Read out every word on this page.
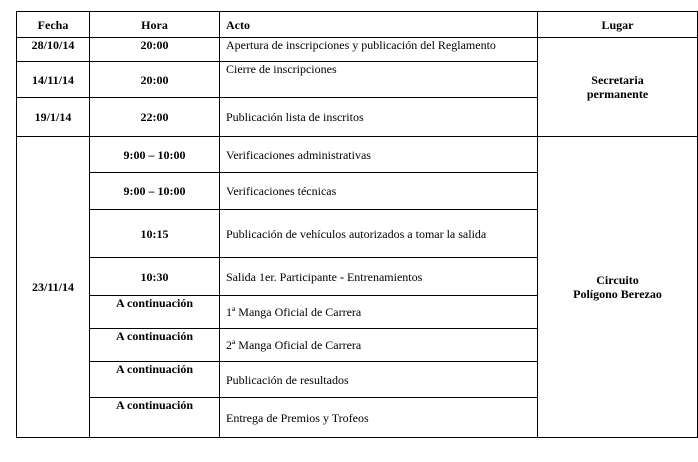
Fecha	Hora	Acto	Lugar
28/10/14	20:00	Apertura de inscripciones y publicación del Reglamento	Secretaria
permanente

14/11/14	20:00	Cierre de inscripciones	
19/1/14	22:00	Publicación lista de inscritos	
23/11/14	9:00 – 10:00	Verificaciones administrativas	Circuito
Polígono Berezao

	9:00 – 10:00	Verificaciones técnicas	
	10:15	Publicación de vehículos autorizados a tomar la salida	
	10:30	Salida 1er. Participante - Entrenamientos	
	A continuación	1ª Manga Oficial de Carrera	
	A continuación	2ª Manga Oficial de Carrera	
	A continuación	Publicación de resultados	
	A continuación	Entrega de Premios y Trofeos	
